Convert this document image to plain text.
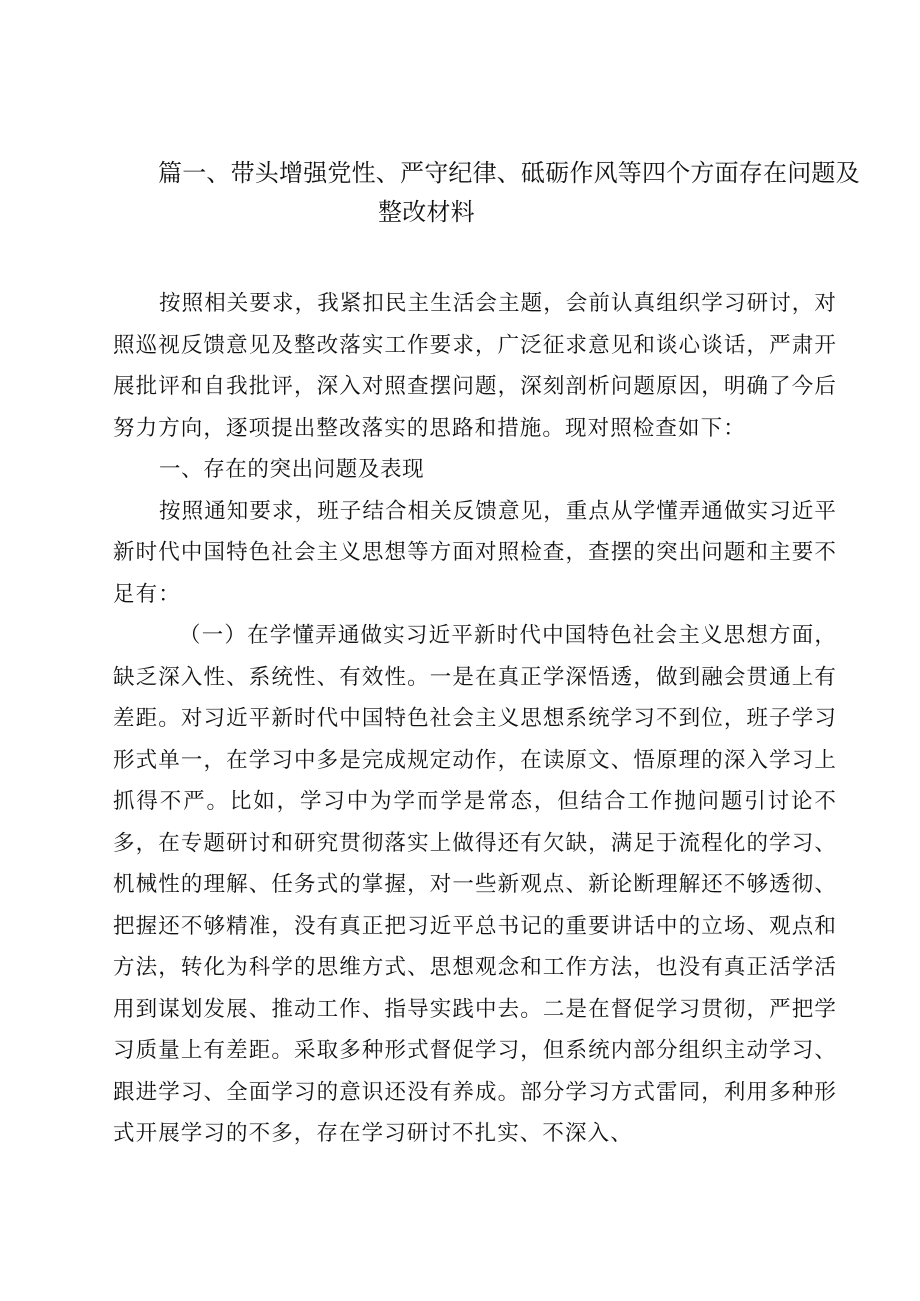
篇一、带头增强党性、严守纪律、砥砺作风等四个方面存在问题及
整改材料

按照相关要求，我紧扣民主生活会主题，会前认真组织学习研讨，对照巡视反馈意见及整改落实工作要求，广泛征求意见和谈心谈话，严肃开展批评和自我批评，深入对照查摆问题，深刻剖析问题原因，明确了今后努力方向，逐项提出整改落实的思路和措施。现对照检查如下：

一、存在的突出问题及表现

按照通知要求，班子结合相关反馈意见，重点从学懂弄通做实习近平新时代中国特色社会主义思想等方面对照检查，查摆的突出问题和主要不足有：

（一）在学懂弄通做实习近平新时代中国特色社会主义思想方面，缺乏深入性、系统性、有效性。一是在真正学深悟透，做到融会贯通上有差距。对习近平新时代中国特色社会主义思想系统学习不到位，班子学习形式单一，在学习中多是完成规定动作，在读原文、悟原理的深入学习上抓得不严。比如，学习中为学而学是常态，但结合工作抛问题引讨论不多，在专题研讨和研究贯彻落实上做得还有欠缺，满足于流程化的学习、机械性的理解、任务式的掌握，对一些新观点、新论断理解还不够透彻、把握还不够精准，没有真正把习近平总书记的重要讲话中的立场、观点和方法，转化为科学的思维方式、思想观念和工作方法，也没有真正活学活用到谋划发展、推动工作、指导实践中去。二是在督促学习贯彻，严把学习质量上有差距。采取多种形式督促学习，但系统内部分组织主动学习、跟进学习、全面学习的意识还没有养成。部分学习方式雷同，利用多种形式开展学习的不多，存在学习研讨不扎实、不深入、
